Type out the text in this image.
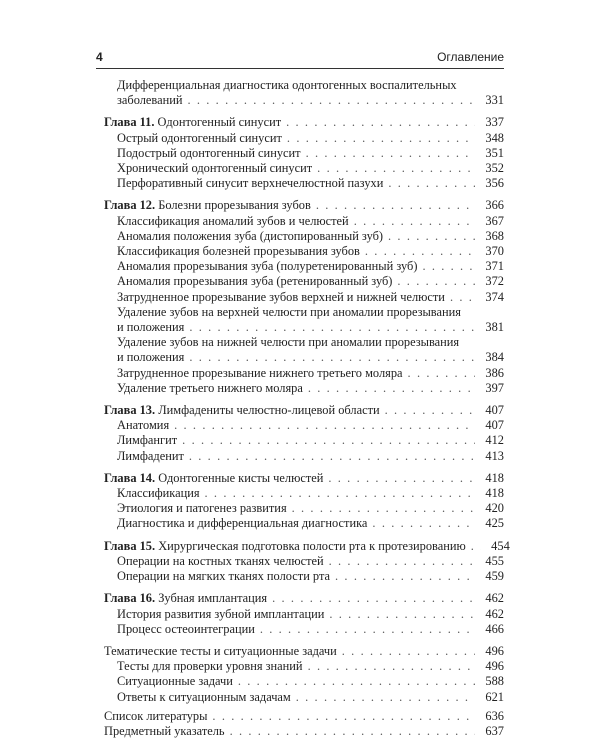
4	Оглавление
Дифференциальная диагностика одонтогенных воспалительных
заболеваний . . .	331
Глава 11. Одонтогенный синусит . . .	337
Острый одонтогенный синусит . . .	348
Подострый одонтогенный синусит . . .	351
Хронический одонтогенный синусит . . .	352
Перфоративный синусит верхнечелюстной пазухи . . .	356
Глава 12. Болезни прорезывания зубов . . .	366
Классификация аномалий зубов и челюстей . . .	367
Аномалия положения зуба (дистопированный зуб) . . .	368
Классификация болезней прорезывания зубов . . .	370
Аномалия прорезывания зуба (полуретенированный зуб) . . .	371
Аномалия прорезывания зуба (ретенированный зуб) . . .	372
Затрудненное прорезывание зубов верхней и нижней челюсти . . .	374
Удаление зубов на верхней челюсти при аномалии прорезывания
и положения . . .	381
Удаление зубов на нижней челюсти при аномалии прорезывания
и положения . . .	384
Затрудненное прорезывание нижнего третьего моляра . . .	386
Удаление третьего нижнего моляра . . .	397
Глава 13. Лимфадениты челюстно-лицевой области . . .	407
Анатомия . . .	407
Лимфангит . . .	412
Лимфаденит . . .	413
Глава 14. Одонтогенные кисты челюстей . . .	418
Классификация . . .	418
Этиология и патогенез развития . . .	420
Диагностика и дифференциальная диагностика . . .	425
Глава 15. Хирургическая подготовка полости рта к протезированию . . .	454
Операции на костных тканях челюстей . . .	455
Операции на мягких тканях полости рта . . .	459
Глава 16. Зубная имплантация . . .	462
История развития зубной имплантации . . .	462
Процесс остеоинтеграции . . .	466
Тематические тесты и ситуационные задачи . . .	496
Тесты для проверки уровня знаний . . .	496
Ситуационные задачи . . .	588
Ответы к ситуационным задачам . . .	621
Список литературы . . .	636
Предметный указатель . . .	637
